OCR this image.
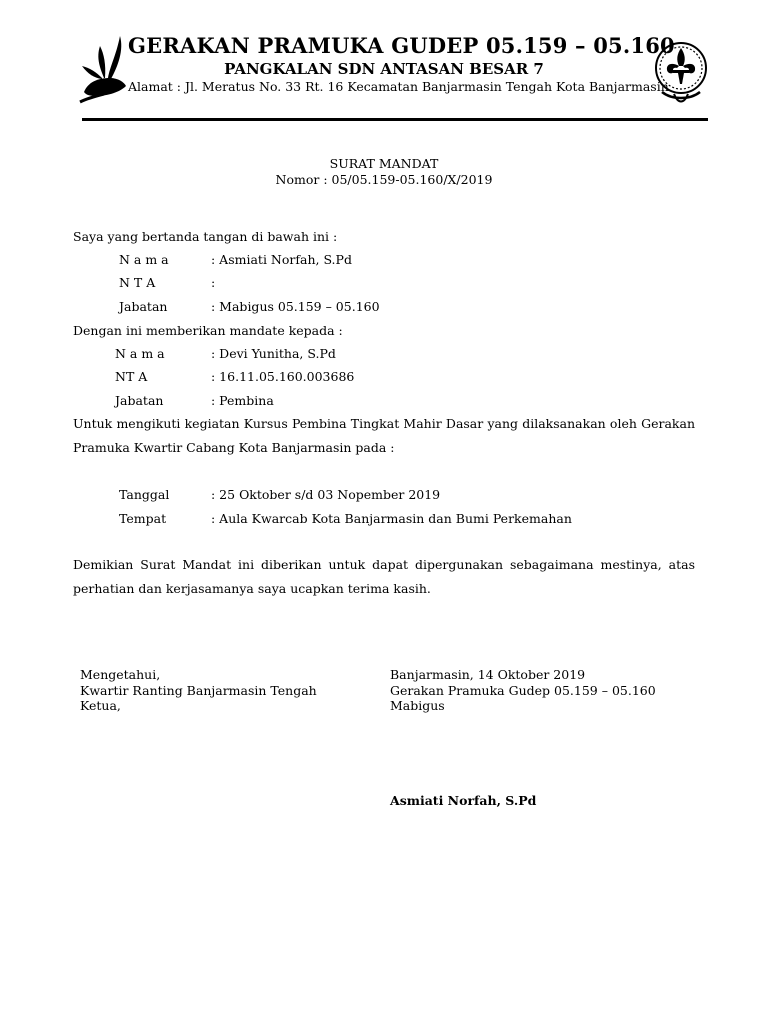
GERAKAN PRAMUKA GUDEP 05.159 – 05.160
PANGKALAN SDN ANTASAN BESAR 7
Alamat : Jl. Meratus No. 33 Rt. 16 Kecamatan Banjarmasin Tengah Kota Banjarmasin
SURAT MANDAT
Nomor : 05/05.159-05.160/X/2019
Saya yang bertanda tangan di bawah ini :
N a m a	: Asmiati Norfah, S.Pd
N T A	:
Jabatan	: Mabigus 05.159 – 05.160
Dengan ini memberikan mandate kepada :
N a m a	: Devi Yunitha, S.Pd
NT A	: 16.11.05.160.003686
Jabatan	: Pembina
Untuk mengikuti kegiatan Kursus Pembina Tingkat Mahir Dasar yang dilaksanakan oleh Gerakan Pramuka Kwartir Cabang Kota Banjarmasin pada :
Tanggal	: 25 Oktober s/d 03 Nopember 2019
Tempat	: Aula Kwarcab Kota Banjarmasin dan Bumi Perkemahan
Demikian Surat Mandat ini diberikan untuk dapat dipergunakan sebagaimana mestinya, atas perhatian dan kerjasamanya saya ucapkan terima kasih.
Mengetahui,
Kwartir Ranting Banjarmasin Tengah
Ketua,
Banjarmasin, 14 Oktober 2019
Gerakan Pramuka Gudep 05.159 – 05.160
Mabigus
Asmiati Norfah, S.Pd
